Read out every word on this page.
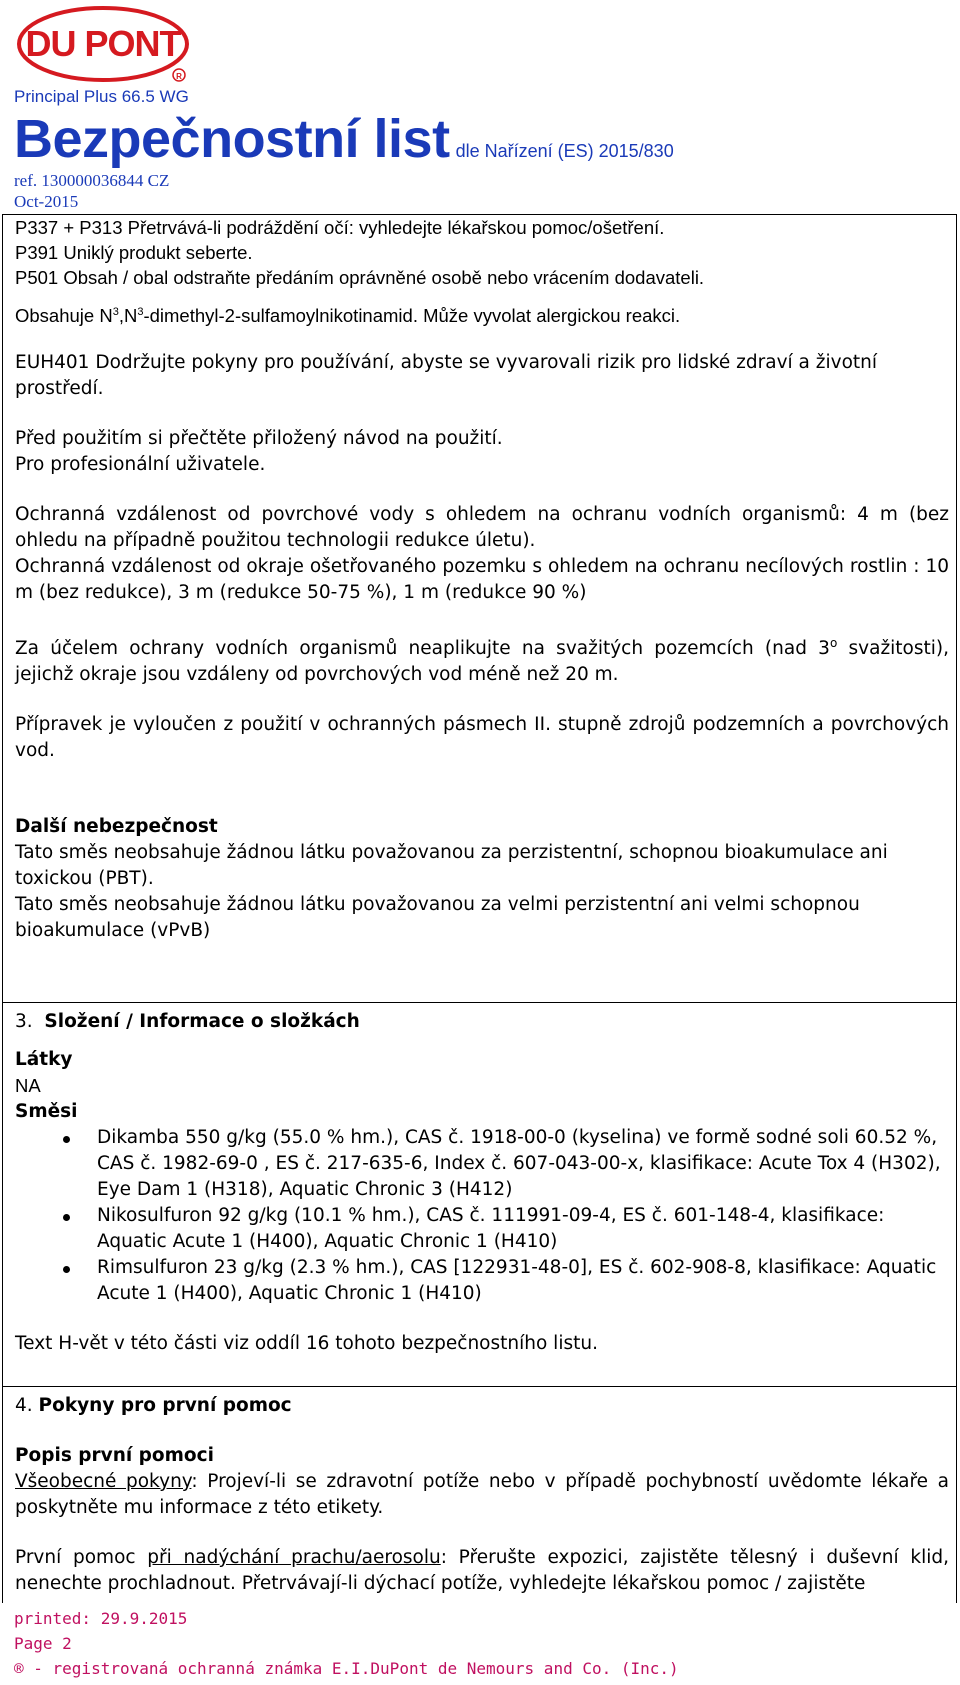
DU PONT
R
Principal Plus 66.5 WG
Bezpečnostní list dle Nařízení (ES) 2015/830
ref. 130000036844 CZ
Oct-2015

P337 + P313 Přetrvává-li podráždění očí: vyhledejte lékařskou pomoc/ošetření.

P391 Uniklý produkt seberte.

P501 Obsah / obal odstraňte předáním oprávněné osobě nebo vrácením dodavateli.

Obsahuje $N^3,N^3-dimethyl-2$-sulfamoylnikotinamid. Může vyvolat alergickou reakci.

EUH401 Dodržujte pokyny pro používání, abyste se vyvarovali rizik pro lidské zdraví a životní prostředí.

Před použitím si přečtěte přiložený návod na použití.

Pro profesionální uživatele.

Ochranná vzdálenost od povrchové vody s ohledem na ochranu vodních organismů: 4 m (bez ohledu na případně použitou technologii redukce úletu).

Ochranná vzdálenost od okraje ošetřovaného pozemku s ohledem na ochranu necílových rostlin : 10 m (bez redukce), 3 m (redukce 50-75 %), 1 m (redukce 90 %)

Za účelem ochrany vodních organismů neaplikujte na svažitých pozemcích (nad 3$^o$ svažitosti), jejichž okraje jsou vzdáleny od povrchových vod méně než 20 m.

Přípravek je vyloučen z použití v ochranných pásmech II. stupně zdrojů podzemních a povrchových vod.

Další nebezpečnost

Tato směs neobsahuje žádnou látku považovanou za perzistentní, schopnou bioakumulace ani toxickou (PBT).

Tato směs neobsahuje žádnou látku považovanou za velmi perzistentní ani velmi schopnou bioakumulace (vPvB)

3. Složení / Informace o složkách

Látky

NA

Směsi

Dikamba 550 g/kg (55.0 % hm.), CAS č. 1918-00-0 (kyselina) ve formě sodné soli 60.52 %, CAS č. 1982-69-0 , ES č. 217-635-6, Index č. 607-043-00-x, klasifikace: Acute Tox 4 (H302), Eye Dam 1 (H318), Aquatic Chronic 3 (H412)
Nikosulfuron 92 g/kg (10.1 % hm.), CAS č. 111991-09-4, ES č. 601-148-4, klasifikace: Aquatic Acute 1 (H400), Aquatic Chronic 1 (H410)
Rimsulfuron 23 g/kg (2.3 % hm.), CAS [122931-48-0], ES č. 602-908-8, klasifikace: Aquatic Acute 1 (H400), Aquatic Chronic 1 (H410)

Text H-vět v této části viz oddíl 16 tohoto bezpečnostního listu.

4. Pokyny pro první pomoc

Popis první pomoci

Všeobecné pokyny: Projeví-li se zdravotní potíže nebo v případě pochybností uvědomte lékaře a poskytněte mu informace z této etikety.

První pomoc při nadýchání prachu/aerosolu: Přerušte expozici, zajistěte tělesný i duševní klid, nenechte prochladnout. Přetrvávají-li dýchací potíže, vyhledejte lékařskou pomoc / zajistěte

printed: 29.9.2015
Page 2
® - registrovaná ochranná známka E.I.DuPont de Nemours and Co. (Inc.)
